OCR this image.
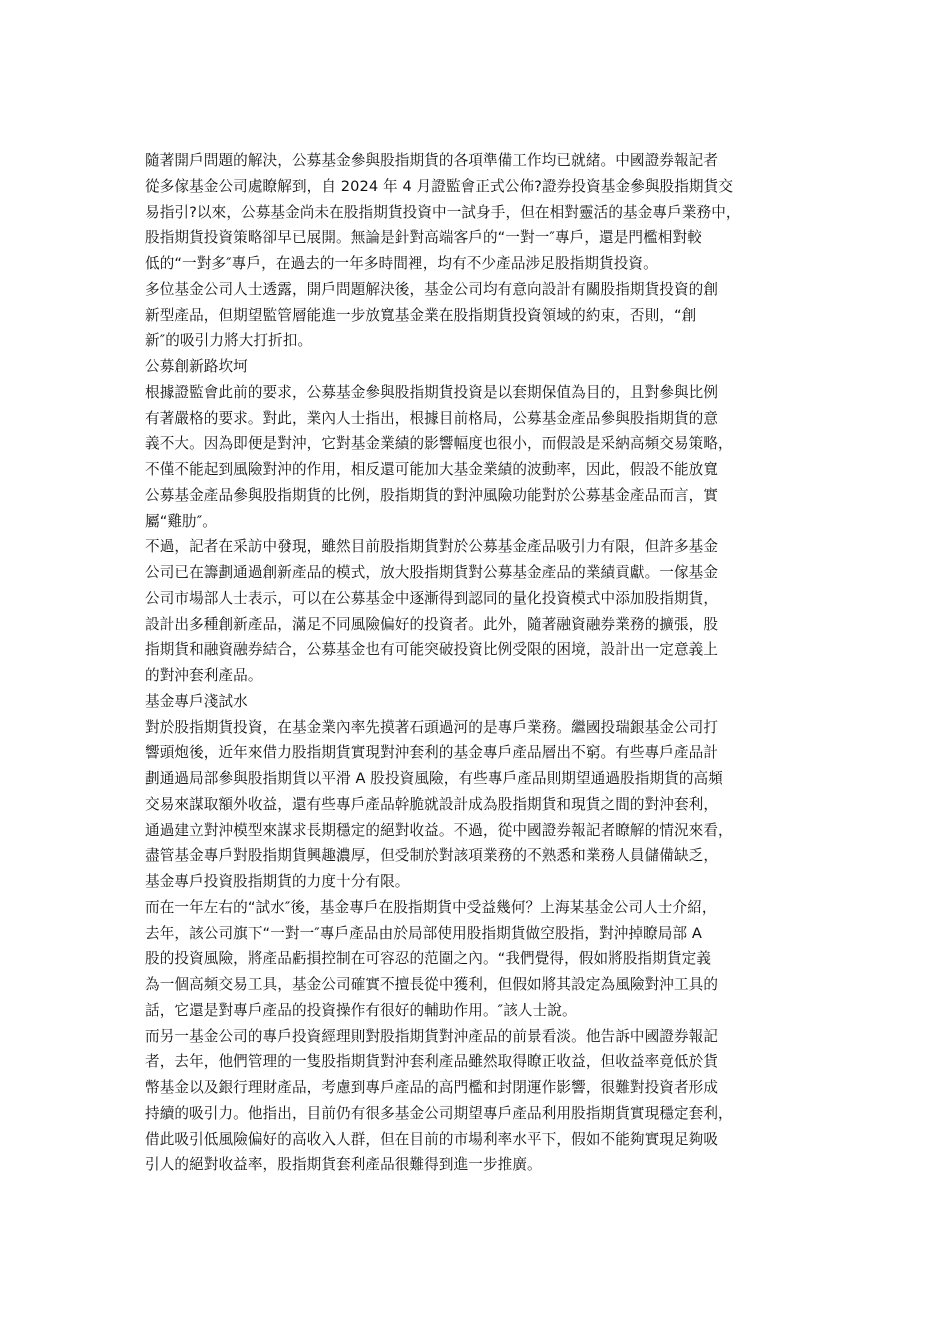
隨著開戶問題的解決，公募基金參與股指期貨的各項準備工作均已就緒。中國證券報記者
從多傢基金公司處瞭解到，自 2024 年 4 月證監會正式公佈?證券投資基金參與股指期貨交
易指引?以來，公募基金尚未在股指期貨投資中一試身手，但在相對靈活的基金專戶業務中，
股指期貨投資策略卻早已展開。無論是針對高端客戶的“一對一″專戶，還是門檻相對較
低的“一對多″專戶，在過去的一年多時間裡，均有不少產品涉足股指期貨投資。
多位基金公司人士透露，開戶問題解決後，基金公司均有意向設計有關股指期貨投資的創
新型產品，但期望監管層能進一步放寬基金業在股指期貨投資領域的約束，否則，“創
新″的吸引力將大打折扣。
公募創新路坎坷
根據證監會此前的要求，公募基金參與股指期貨投資是以套期保值為目的，且對參與比例
有著嚴格的要求。對此，業內人士指出，根據目前格局，公募基金產品參與股指期貨的意
義不大。因為即便是對沖，它對基金業績的影響幅度也很小，而假設是采納高頻交易策略，
不僅不能起到風險對沖的作用，相反還可能加大基金業績的波動率，因此，假設不能放寬
公募基金產品參與股指期貨的比例，股指期貨的對沖風險功能對於公募基金產品而言，實
屬“雞肋″。
不過，記者在采訪中發現，雖然目前股指期貨對於公募基金產品吸引力有限，但許多基金
公司已在籌劃通過創新產品的模式，放大股指期貨對公募基金產品的業績貢獻。一傢基金
公司市場部人士表示，可以在公募基金中逐漸得到認同的量化投資模式中添加股指期貨，
設計出多種創新產品，滿足不同風險偏好的投資者。此外，隨著融資融券業務的擴張，股
指期貨和融資融券結合，公募基金也有可能突破投資比例受限的困境，設計出一定意義上
的對沖套利產品。
基金專戶淺試水
對於股指期貨投資，在基金業內率先摸著石頭過河的是專戶業務。繼國投瑞銀基金公司打
響頭炮後，近年來借力股指期貨實現對沖套利的基金專戶產品層出不窮。有些專戶產品計
劃通過局部參與股指期貨以平滑 A 股投資風險，有些專戶產品則期望通過股指期貨的高頻
交易來謀取額外收益，還有些專戶產品幹脆就設計成為股指期貨和現貨之間的對沖套利，
通過建立對沖模型來謀求長期穩定的絕對收益。不過，從中國證券報記者瞭解的情況來看，
盡管基金專戶對股指期貨興趣濃厚，但受制於對該項業務的不熟悉和業務人員儲備缺乏，
基金專戶投資股指期貨的力度十分有限。
而在一年左右的“試水″後，基金專戶在股指期貨中受益幾何？上海某基金公司人士介紹，
去年，該公司旗下“一對一″專戶產品由於局部使用股指期貨做空股指，對沖掉瞭局部 A
股的投資風險，將產品虧損控制在可容忍的范圍之內。“我們覺得，假如將股指期貨定義
為一個高頻交易工具，基金公司確實不擅長從中獲利，但假如將其設定為風險對沖工具的
話，它還是對專戶產品的投資操作有很好的輔助作用。″該人士說。
而另一基金公司的專戶投資經理則對股指期貨對沖產品的前景看淡。他告訴中國證券報記
者，去年，他們管理的一隻股指期貨對沖套利產品雖然取得瞭正收益，但收益率竟低於貨
幣基金以及銀行理財產品，考慮到專戶產品的高門檻和封閉運作影響，很難對投資者形成
持續的吸引力。他指出，目前仍有很多基金公司期望專戶產品利用股指期貨實現穩定套利，
借此吸引低風險偏好的高收入人群，但在目前的市場利率水平下，假如不能夠實現足夠吸
引人的絕對收益率，股指期貨套利產品很難得到進一步推廣。
